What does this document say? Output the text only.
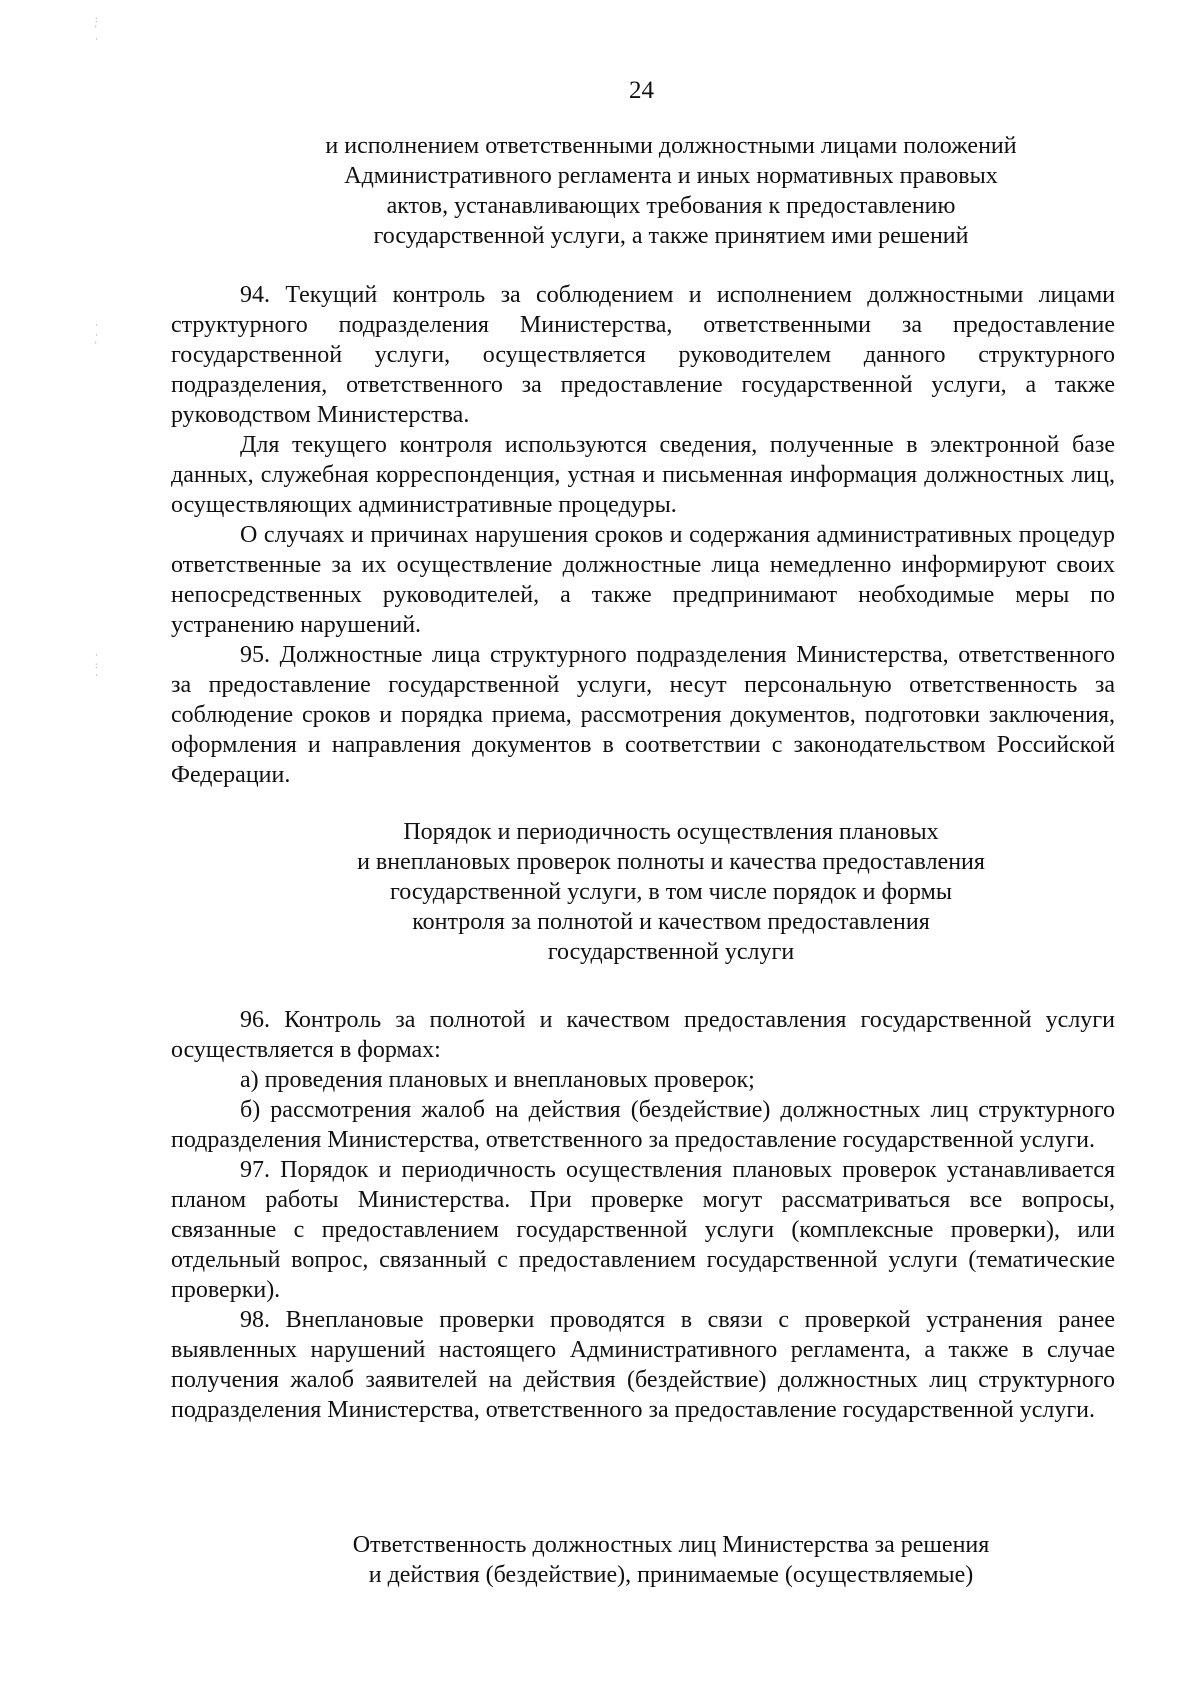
:
'
·
·
·
'
·
:
·
24
и исполнением ответственными должностными лицами положений
Административного регламента и иных нормативных правовых
актов, устанавливающих требования к предоставлению
государственной услуги, а также принятием ими решений

94. Текущий контроль за соблюдением и исполнением должностными лицами структурного подразделения Министерства, ответственными за предоставление государственной услуги, осуществляется руководителем данного структурного подразделения, ответственного за предоставление государственной услуги, а также руководством Министерства.

Для текущего контроля используются сведения, полученные в электронной базе данных, служебная корреспонденция, устная и письменная информация должностных лиц, осуществляющих административные процедуры.

О случаях и причинах нарушения сроков и содержания административных процедур ответственные за их осуществление должностные лица немедленно информируют своих непосредственных руководителей, а также предпринимают необходимые меры по устранению нарушений.

95. Должностные лица структурного подразделения Министерства, ответственного за предоставление государственной услуги, несут персональную ответственность за соблюдение сроков и порядка приема, рассмотрения документов, подготовки заключения, оформления и направления документов в соответствии с законодательством Российской Федерации.

Порядок и периодичность осуществления плановых
и внеплановых проверок полноты и качества предоставления
государственной услуги, в том числе порядок и формы
контроля за полнотой и качеством предоставления
государственной услуги

96. Контроль за полнотой и качеством предоставления государственной услуги осуществляется в формах:

а) проведения плановых и внеплановых проверок;

б) рассмотрения жалоб на действия (бездействие) должностных лиц структурного подразделения Министерства, ответственного за предоставление государственной услуги.

97. Порядок и периодичность осуществления плановых проверок устанавливается планом работы Министерства. При проверке могут рассматриваться все вопросы, связанные с предоставлением государственной услуги (комплексные проверки), или отдельный вопрос, связанный с предоставлением государственной услуги (тематические проверки).

98. Внеплановые проверки проводятся в связи с проверкой устранения ранее выявленных нарушений настоящего Административного регламента, а также в случае получения жалоб заявителей на действия (бездействие) должностных лиц структурного подразделения Министерства, ответственного за предоставление государственной услуги.

Ответственность должностных лиц Министерства за решения
и действия (бездействие), принимаемые (осуществляемые)
